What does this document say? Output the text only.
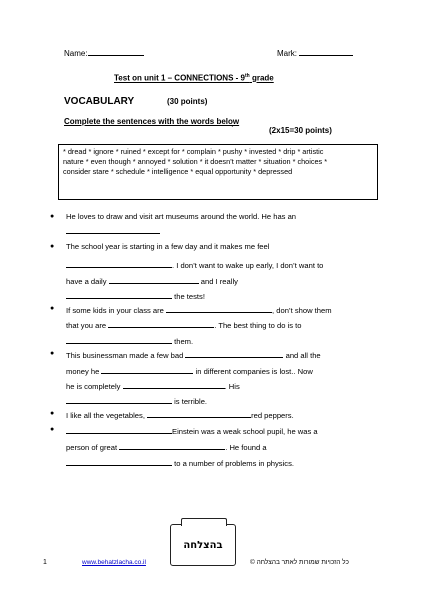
Name:	Mark:
Test on unit 1 – CONNECTIONS - 9th grade
VOCABULARY	(30 points)
Complete the sentences with the words below
`	(2x15=30 points)
* dread * ignore * ruined * except for * complain * pushy * invested * drip * artistic
nature * even though * annoyed * solution * it doesn’t matter * situation * choices *
consider stare * schedule * intelligence * equal opportunity * depressed
● He loves to draw and visit art museums around the world. He has an
● The school year is starting in a few day and it makes me feel
. I don’t want to wake up early, I don’t want to
have a daily	and I really
the tests!
● If some kids in your class are	, don’t show them
that you are	. The best thing to do is to
them.
● This businessman made a few bad	and all the
money he	in different companies is lost.. Now
he is completely	. His
is terrible.
● I like all the vegetables,	red peppers.
●	Einstein was a weak school pupil, he was a
person of great	. He found a
to a number of problems in physics.
בהצלחה
1	www.behatzlacha.co.il	כל הזכויות שמורות לאתר בהצלחה ©
